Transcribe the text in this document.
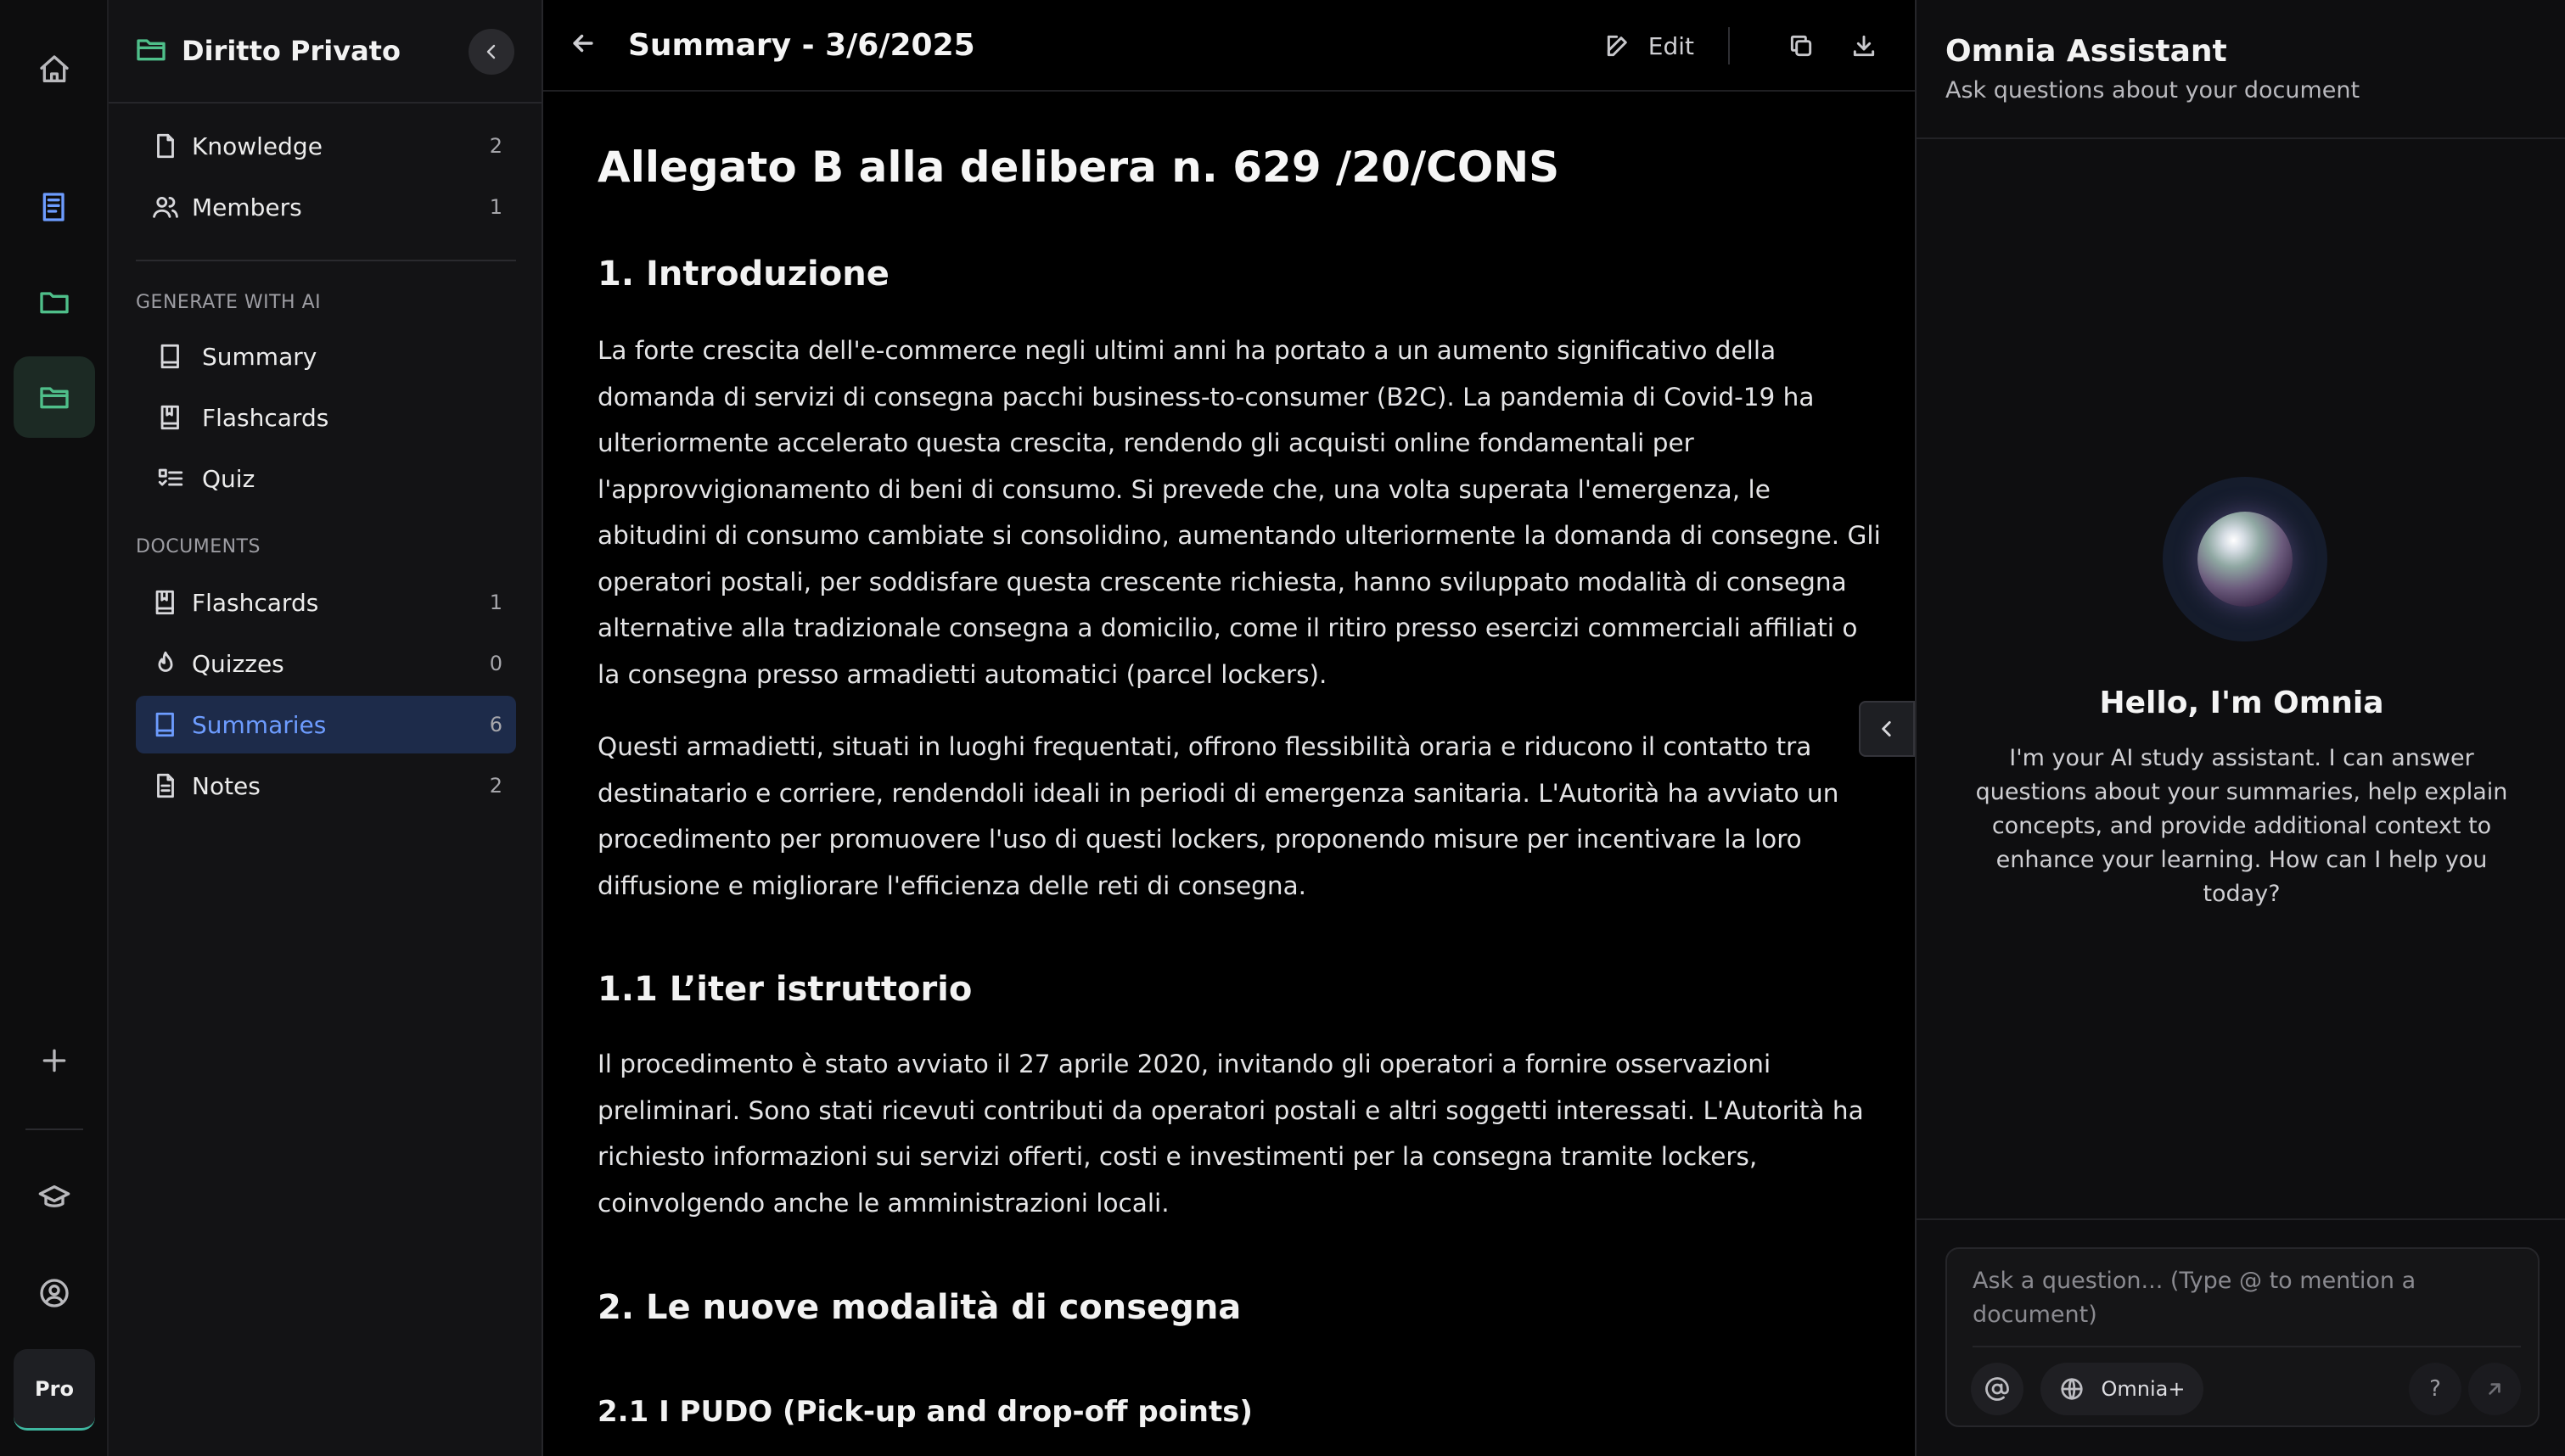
Pro
Diritto Privato
Knowledge	2
Members	1
GENERATE WITH AI
Summary
Flashcards
Quiz
DOCUMENTS
Flashcards	1
Quizzes	0
Summaries	6
Notes	2
Summary - 3/6/2025	Edit
Allegato B alla delibera n. 629 /20/CONS
1. Introduzione
La forte crescita dell'e-commerce negli ultimi anni ha portato a un aumento significativo della domanda di servizi di consegna pacchi business-to-consumer (B2C). La pandemia di Covid-19 ha ulteriormente accelerato questa crescita, rendendo gli acquisti online fondamentali per l'approvvigionamento di beni di consumo. Si prevede che, una volta superata l'emergenza, le abitudini di consumo cambiate si consolidino, aumentando ulteriormente la domanda di consegne. Gli operatori postali, per soddisfare questa crescente richiesta, hanno sviluppato modalità di consegna alternative alla tradizionale consegna a domicilio, come il ritiro presso esercizi commerciali affiliati o la consegna presso armadietti automatici (parcel lockers).
Questi armadietti, situati in luoghi frequentati, offrono flessibilità oraria e riducono il contatto tra destinatario e corriere, rendendoli ideali in periodi di emergenza sanitaria. L'Autorità ha avviato un procedimento per promuovere l'uso di questi lockers, proponendo misure per incentivare la loro diffusione e migliorare l'efficienza delle reti di consegna.
1.1 L’iter istruttorio
Il procedimento è stato avviato il 27 aprile 2020, invitando gli operatori a fornire osservazioni preliminari. Sono stati ricevuti contributi da operatori postali e altri soggetti interessati. L'Autorità ha richiesto informazioni sui servizi offerti, costi e investimenti per la consegna tramite lockers, coinvolgendo anche le amministrazioni locali.
2. Le nuove modalità di consegna
2.1 I PUDO (Pick-up and drop-off points)
Omnia Assistant
Ask questions about your document
Hello, I'm Omnia
I'm your AI study assistant. I can answer questions about your summaries, help explain concepts, and provide additional context to enhance your learning. How can I help you today?
Ask a question... (Type @ to mention a document)
Omnia+	?
